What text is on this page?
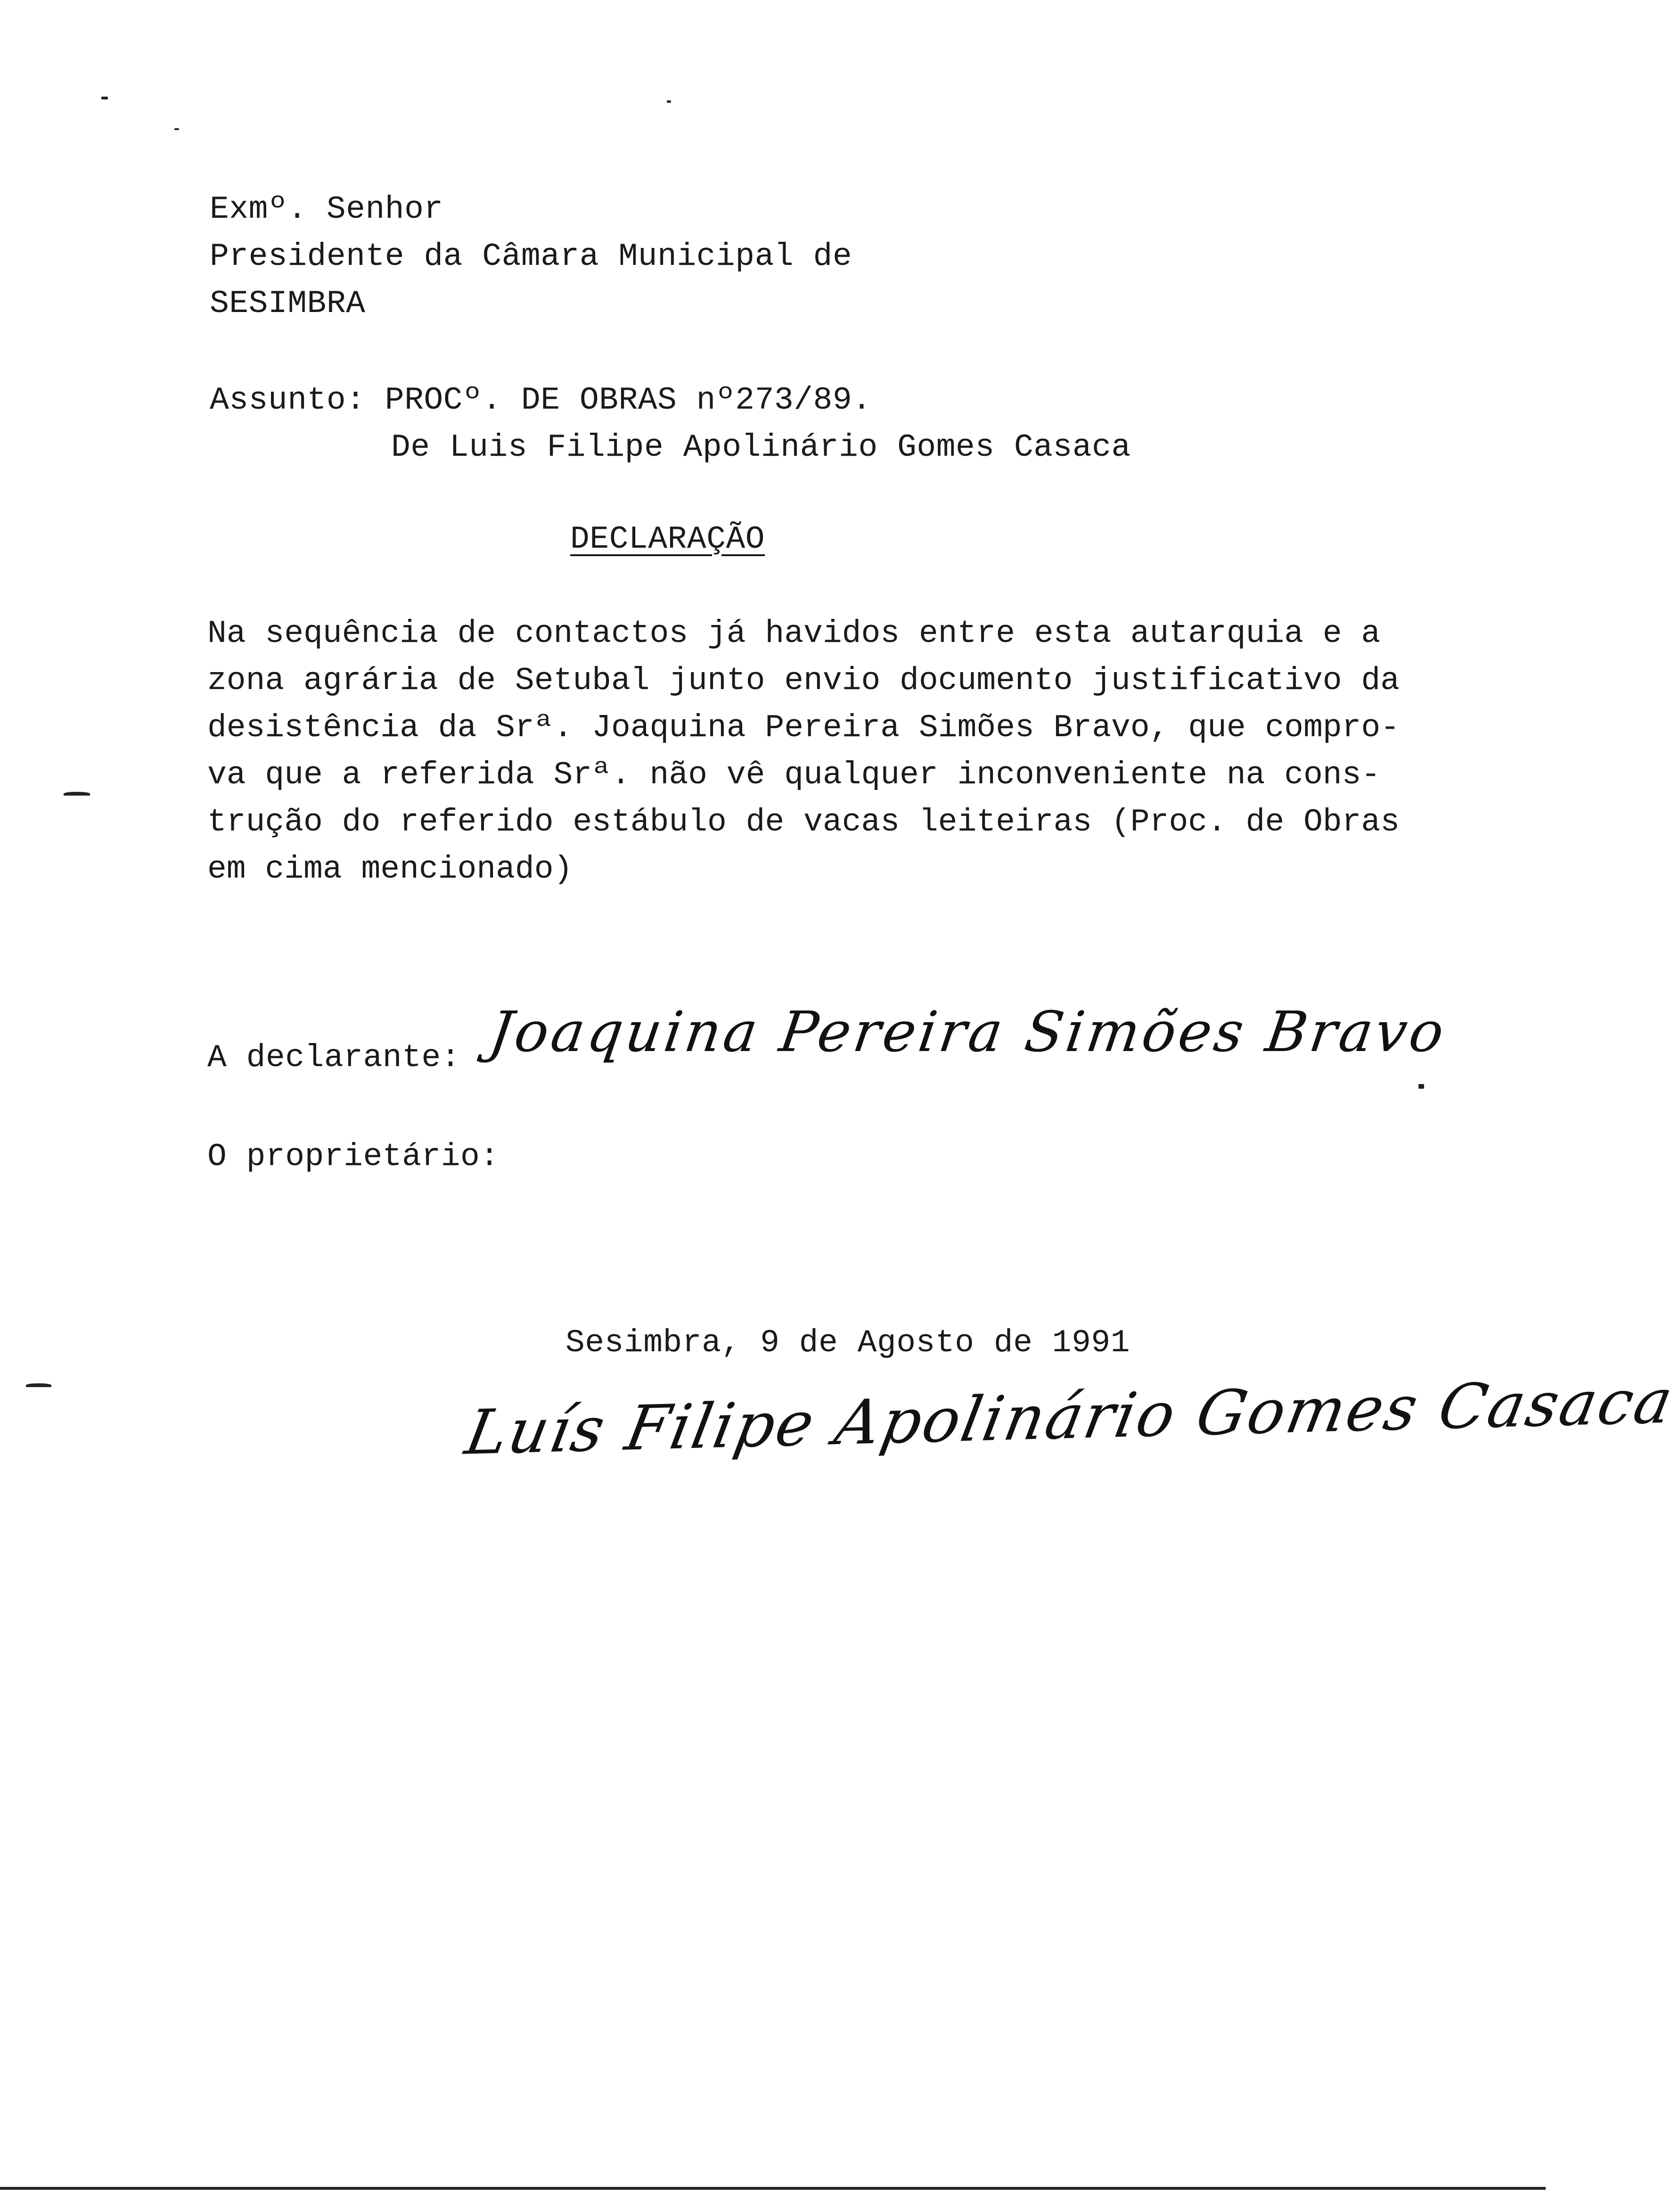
Exmº. Senhor
Presidente da Câmara Municipal de
SESIMBRA
Assunto: PROCº. DE OBRAS nº273/89.
De Luis Filipe Apolinário Gomes Casaca
DECLARAÇÃO

Na sequência de contactos já havidos entre esta autarquia e a

zona agrária de Setubal junto envio documento justificativo da

desistência da Srª. Joaquina Pereira Simões Bravo, que compro-

va que a referida Srª. não vê qualquer inconveniente na cons-

trução do referido estábulo de vacas leiteiras (Proc. de Obras

em cima mencionado)

A declarante: Joaquina Pereira Simões Bravo
O proprietário:
Sesimbra, 9 de Agosto de 1991
Luís Filipe Apolinário Gomes Casaca
